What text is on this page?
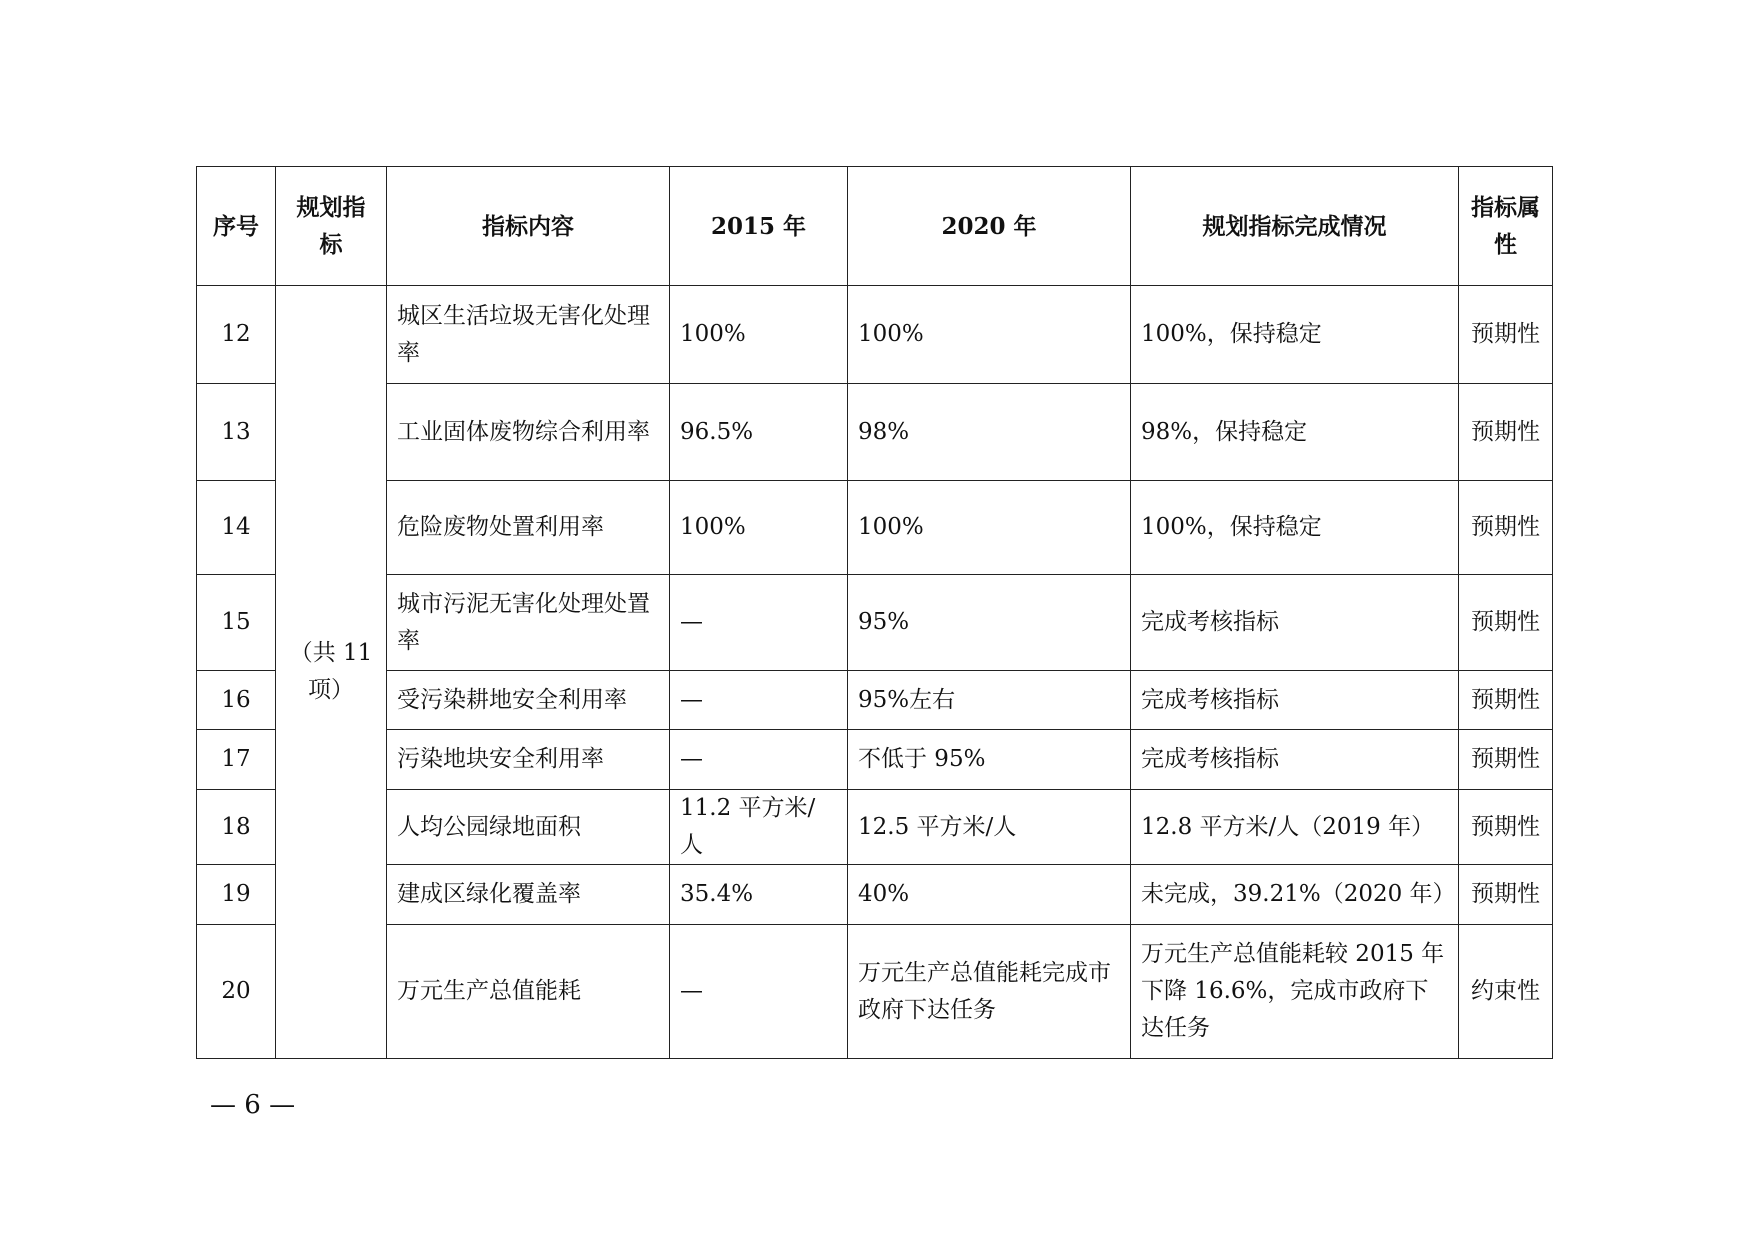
序号	规划指标	指标内容	2015 年	2020 年	规划指标完成情况	指标属性
12	（共 11 项）	城区生活垃圾无害化处理率	100%	100%	100%，保持稳定	预期性
13		工业固体废物综合利用率	96.5%	98%	98%，保持稳定	预期性
14		危险废物处置利用率	100%	100%	100%，保持稳定	预期性
15		城市污泥无害化处理处置率	—	95%	完成考核指标	预期性
16		受污染耕地安全利用率	—	95%左右	完成考核指标	预期性
17		污染地块安全利用率	—	不低于 95%	完成考核指标	预期性
18		人均公园绿地面积	11.2 平方米/人	12.5 平方米/人	12.8 平方米/人（2019 年）	预期性
19		建成区绿化覆盖率	35.4%	40%	未完成，39.21%（2020 年）	预期性
20		万元生产总值能耗	—	万元生产总值能耗完成市政府下达任务	万元生产总值能耗较 2015 年下降 16.6%，完成市政府下达任务	约束性
— 6 —
